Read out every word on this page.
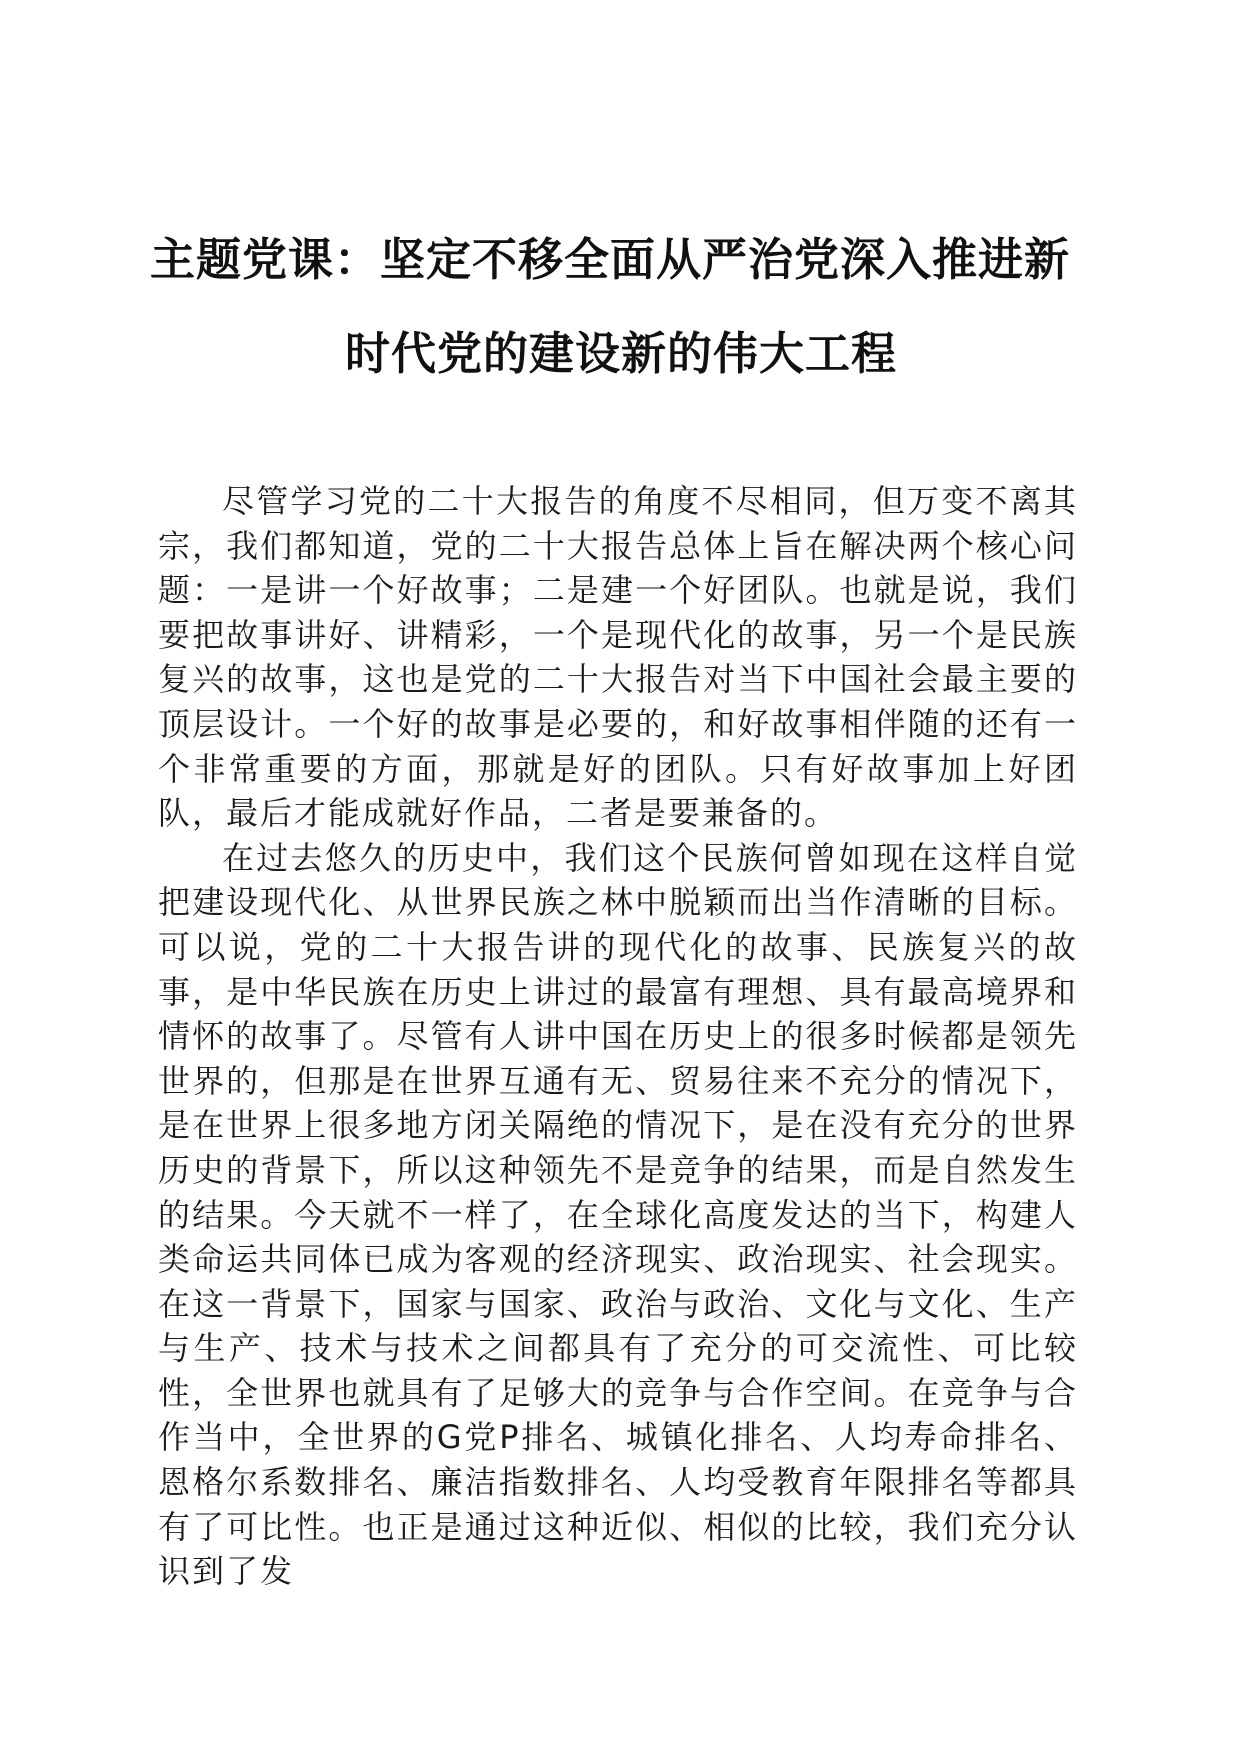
主题党课：坚定不移全面从严治党深入推进新
时代党的建设新的伟大工程

尽管学习党的二十大报告的角度不尽相同，但万变不离其宗，我们都知道，党的二十大报告总体上旨在解决两个核心问题：一是讲一个好故事；二是建一个好团队。也就是说，我们要把故事讲好、讲精彩，一个是现代化的故事，另一个是民族复兴的故事，这也是党的二十大报告对当下中国社会最主要的顶层设计。一个好的故事是必要的，和好故事相伴随的还有一个非常重要的方面，那就是好的团队。只有好故事加上好团队，最后才能成就好作品，二者是要兼备的。

在过去悠久的历史中，我们这个民族何曾如现在这样自觉把建设现代化、从世界民族之林中脱颖而出当作清晰的目标。可以说，党的二十大报告讲的现代化的故事、民族复兴的故事，是中华民族在历史上讲过的最富有理想、具有最高境界和情怀的故事了。尽管有人讲中国在历史上的很多时候都是领先世界的，但那是在世界互通有无、贸易往来不充分的情况下，是在世界上很多地方闭关隔绝的情况下，是在没有充分的世界历史的背景下，所以这种领先不是竞争的结果，而是自然发生的结果。今天就不一样了，在全球化高度发达的当下，构建人类命运共同体已成为客观的经济现实、政治现实、社会现实。在这一背景下，国家与国家、政治与政治、文化与文化、生产与生产、技术与技术之间都具有了充分的可交流性、可比较性，全世界也就具有了足够大的竞争与合作空间。在竞争与合作当中，全世界的G党P排名、城镇化排名、人均寿命排名、恩格尔系数排名、廉洁指数排名、人均受教育年限排名等都具有了可比性。也正是通过这种近似、相似的比较，我们充分认识到了发
